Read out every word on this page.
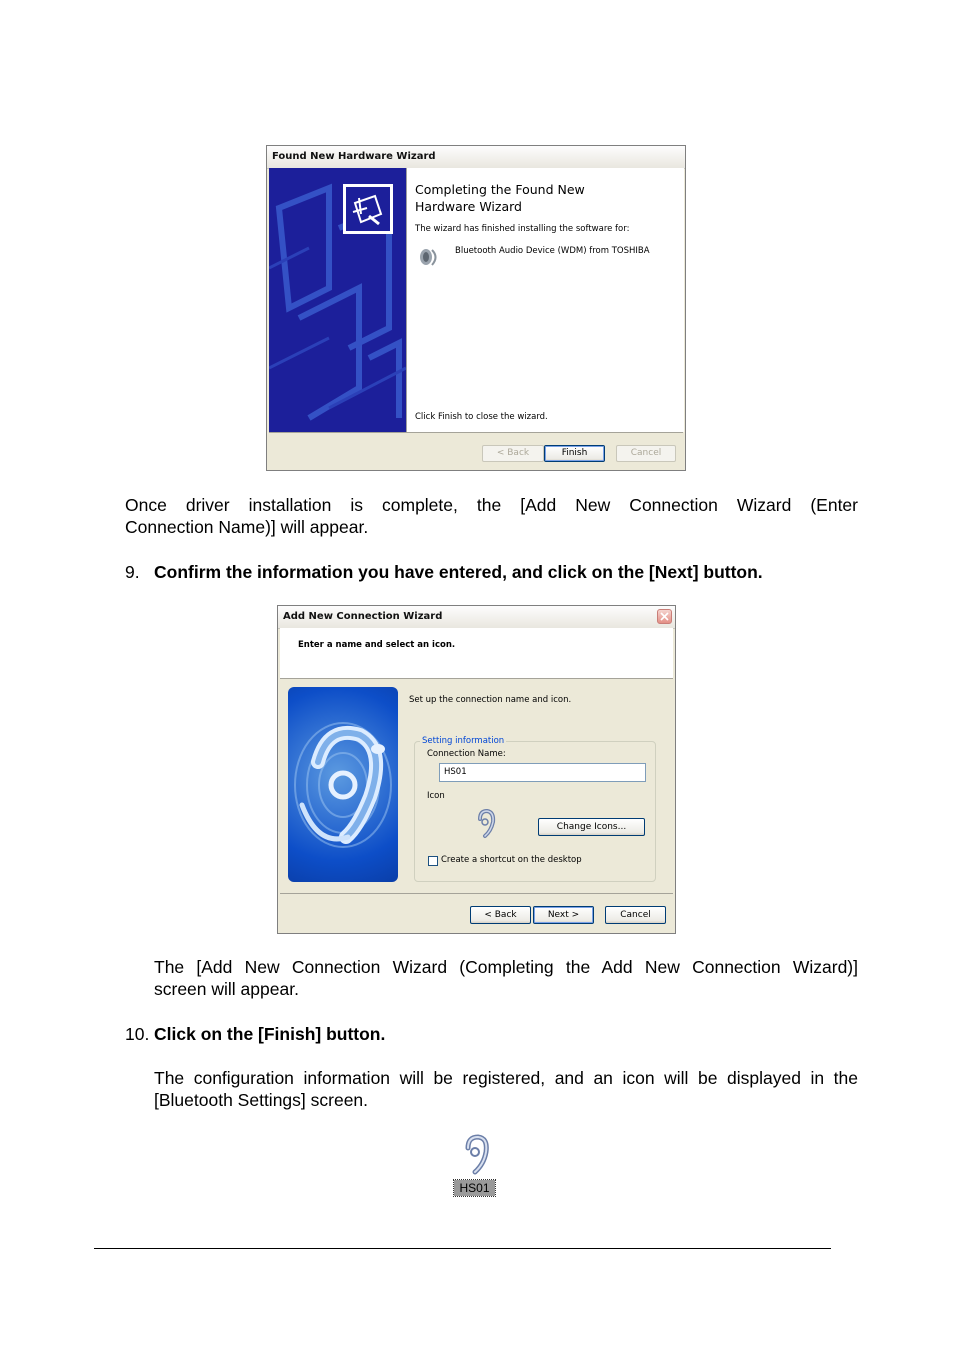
Found New Hardware Wizard
Completing the Found New
Hardware Wizard
The wizard has finished installing the software for:
Bluetooth Audio Device (WDM) from TOSHIBA
Click Finish to close the wizard.
< Back	Finish	Cancel
Once driver installation is complete, the [Add New Connection Wizard (Enter
Connection Name)] will appear.
9. Confirm the information you have entered, and click on the [Next] button.
Add New Connection Wizard
Enter a name and select an icon.
Set up the connection name and icon.
Setting information
Connection Name:
HS01
Icon
Change Icons...
Create a shortcut on the desktop
< Back	Next >	Cancel
The [Add New Connection Wizard (Completing the Add New Connection Wizard)]
screen will appear.
10. Click on the [Finish] button.
The configuration information will be registered, and an icon will be displayed in the
[Bluetooth Settings] screen.
HS01
